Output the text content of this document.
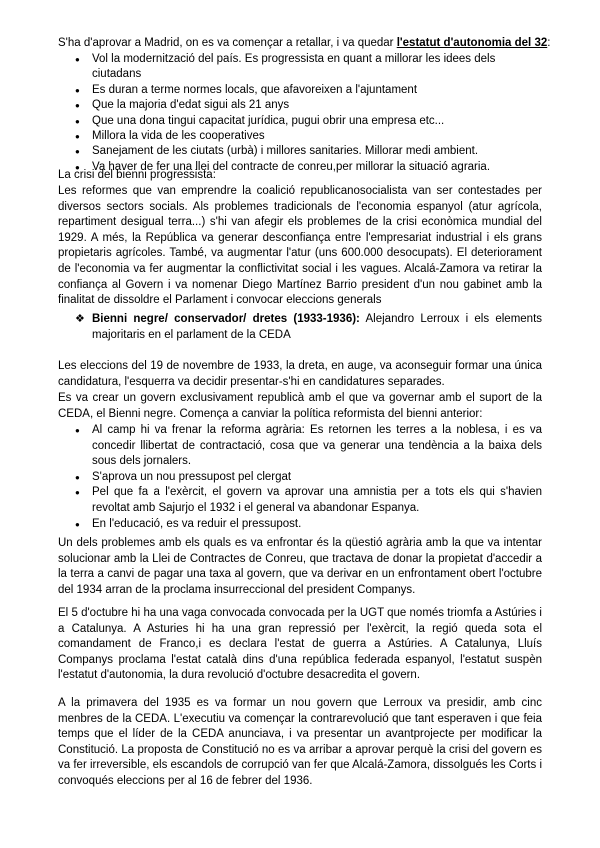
S'ha d'aprovar a Madrid, on es va començar a retallar, i va quedar l'estatut d'autonomia del 32:
● Vol la modernització del país. Es progressista en quant a millorar les idees dels ciutadans
● Es duran a terme normes locals, que afavoreixen a l'ajuntament
● Que la majoria d'edat sigui als 21 anys
● Que una dona tingui capacitat jurídica, pugui obrir una empresa etc...
● Millora la vida de les cooperatives
● Sanejament de les ciutats (urbà) i millores sanitaries. Millorar medi ambient.
● Va haver de fer una llei del contracte de conreu,per millorar la situació agraria.
La crisi del bienni progressista:
Les reformes que van emprendre la coalició republicanosocialista van ser contestades per diversos sectors socials. Als problemes tradicionals de l'economia espanyol (atur agrícola, repartiment desigual terra...) s'hi van afegir els problemes de la crisi econòmica mundial del 1929. A més, la República va generar desconfiança entre l'empresariat industrial i els grans propietaris agrícoles. També, va augmentar l'atur (uns 600.000 desocupats). El deteriorament de l'economia va fer augmentar la conflictivitat social i les vagues. Alcalá-Zamora va retirar la confiança al Govern i va nomenar Diego Martínez Barrio president d'un nou gabinet amb la finalitat de dissoldre el Parlament i convocar eleccions generals
❖ Bienni negre/ conservador/ dretes (1933-1936): Alejandro Lerroux i els elements majoritaris en el parlament de la CEDA
Les eleccions del 19 de novembre de 1933, la dreta, en auge, va aconseguir formar una única candidatura, l'esquerra va decidir presentar-s'hi en candidatures separades.
Es va crear un govern exclusivament republicà amb el que va governar amb el suport de la CEDA, el Bienni negre. Comença a canviar la política reformista del bienni anterior:
● Al camp hi va frenar la reforma agrària: Es retornen les terres a la noblesa, i es va concedir llibertat de contractació, cosa que va generar una tendència a la baixa dels sous dels jornalers.
● S'aprova un nou pressupost pel clergat
● Pel que fa a l'exèrcit, el govern va aprovar una amnistia per a tots els qui s'havien revoltat amb Sajurjo el 1932 i el general va abandonar Espanya.
● En l'educació, es va reduir el pressupost.
Un dels problemes amb els quals es va enfrontar és la qüestió agrària amb la que va intentar solucionar amb la Llei de Contractes de Conreu, que tractava de donar la propietat d'accedir a la terra a canvi de pagar una taxa al govern, que va derivar en un enfrontament obert l'octubre del 1934 arran de la proclama insurreccional del president Companys.
El 5 d'octubre hi ha una vaga convocada convocada per la UGT que només triomfa a Astúries i a Catalunya. A Asturies hi ha una gran repressió per l'exèrcit, la regió queda sota el comandament de Franco,i es declara l'estat de guerra a Astúries. A Catalunya, Lluís Companys proclama l'estat català dins d'una república federada espanyol, l'estatut suspèn l'estatut d'autonomia, la dura revolució d'octubre desacredita el govern.
A la primavera del 1935 es va formar un nou govern que Lerroux va presidir, amb cinc menbres de la CEDA. L'executiu va començar la contrarevolució que tant esperaven i que feia temps que el líder de la CEDA anunciava, i va presentar un avantprojecte per modificar la Constitució. La proposta de Constitució no es va arribar a aprovar perquè la crisi del govern es va fer irreversible, els escandols de corrupció van fer que Alcalá-Zamora, dissolgués les Corts i convoqués eleccions per al 16 de febrer del 1936.
